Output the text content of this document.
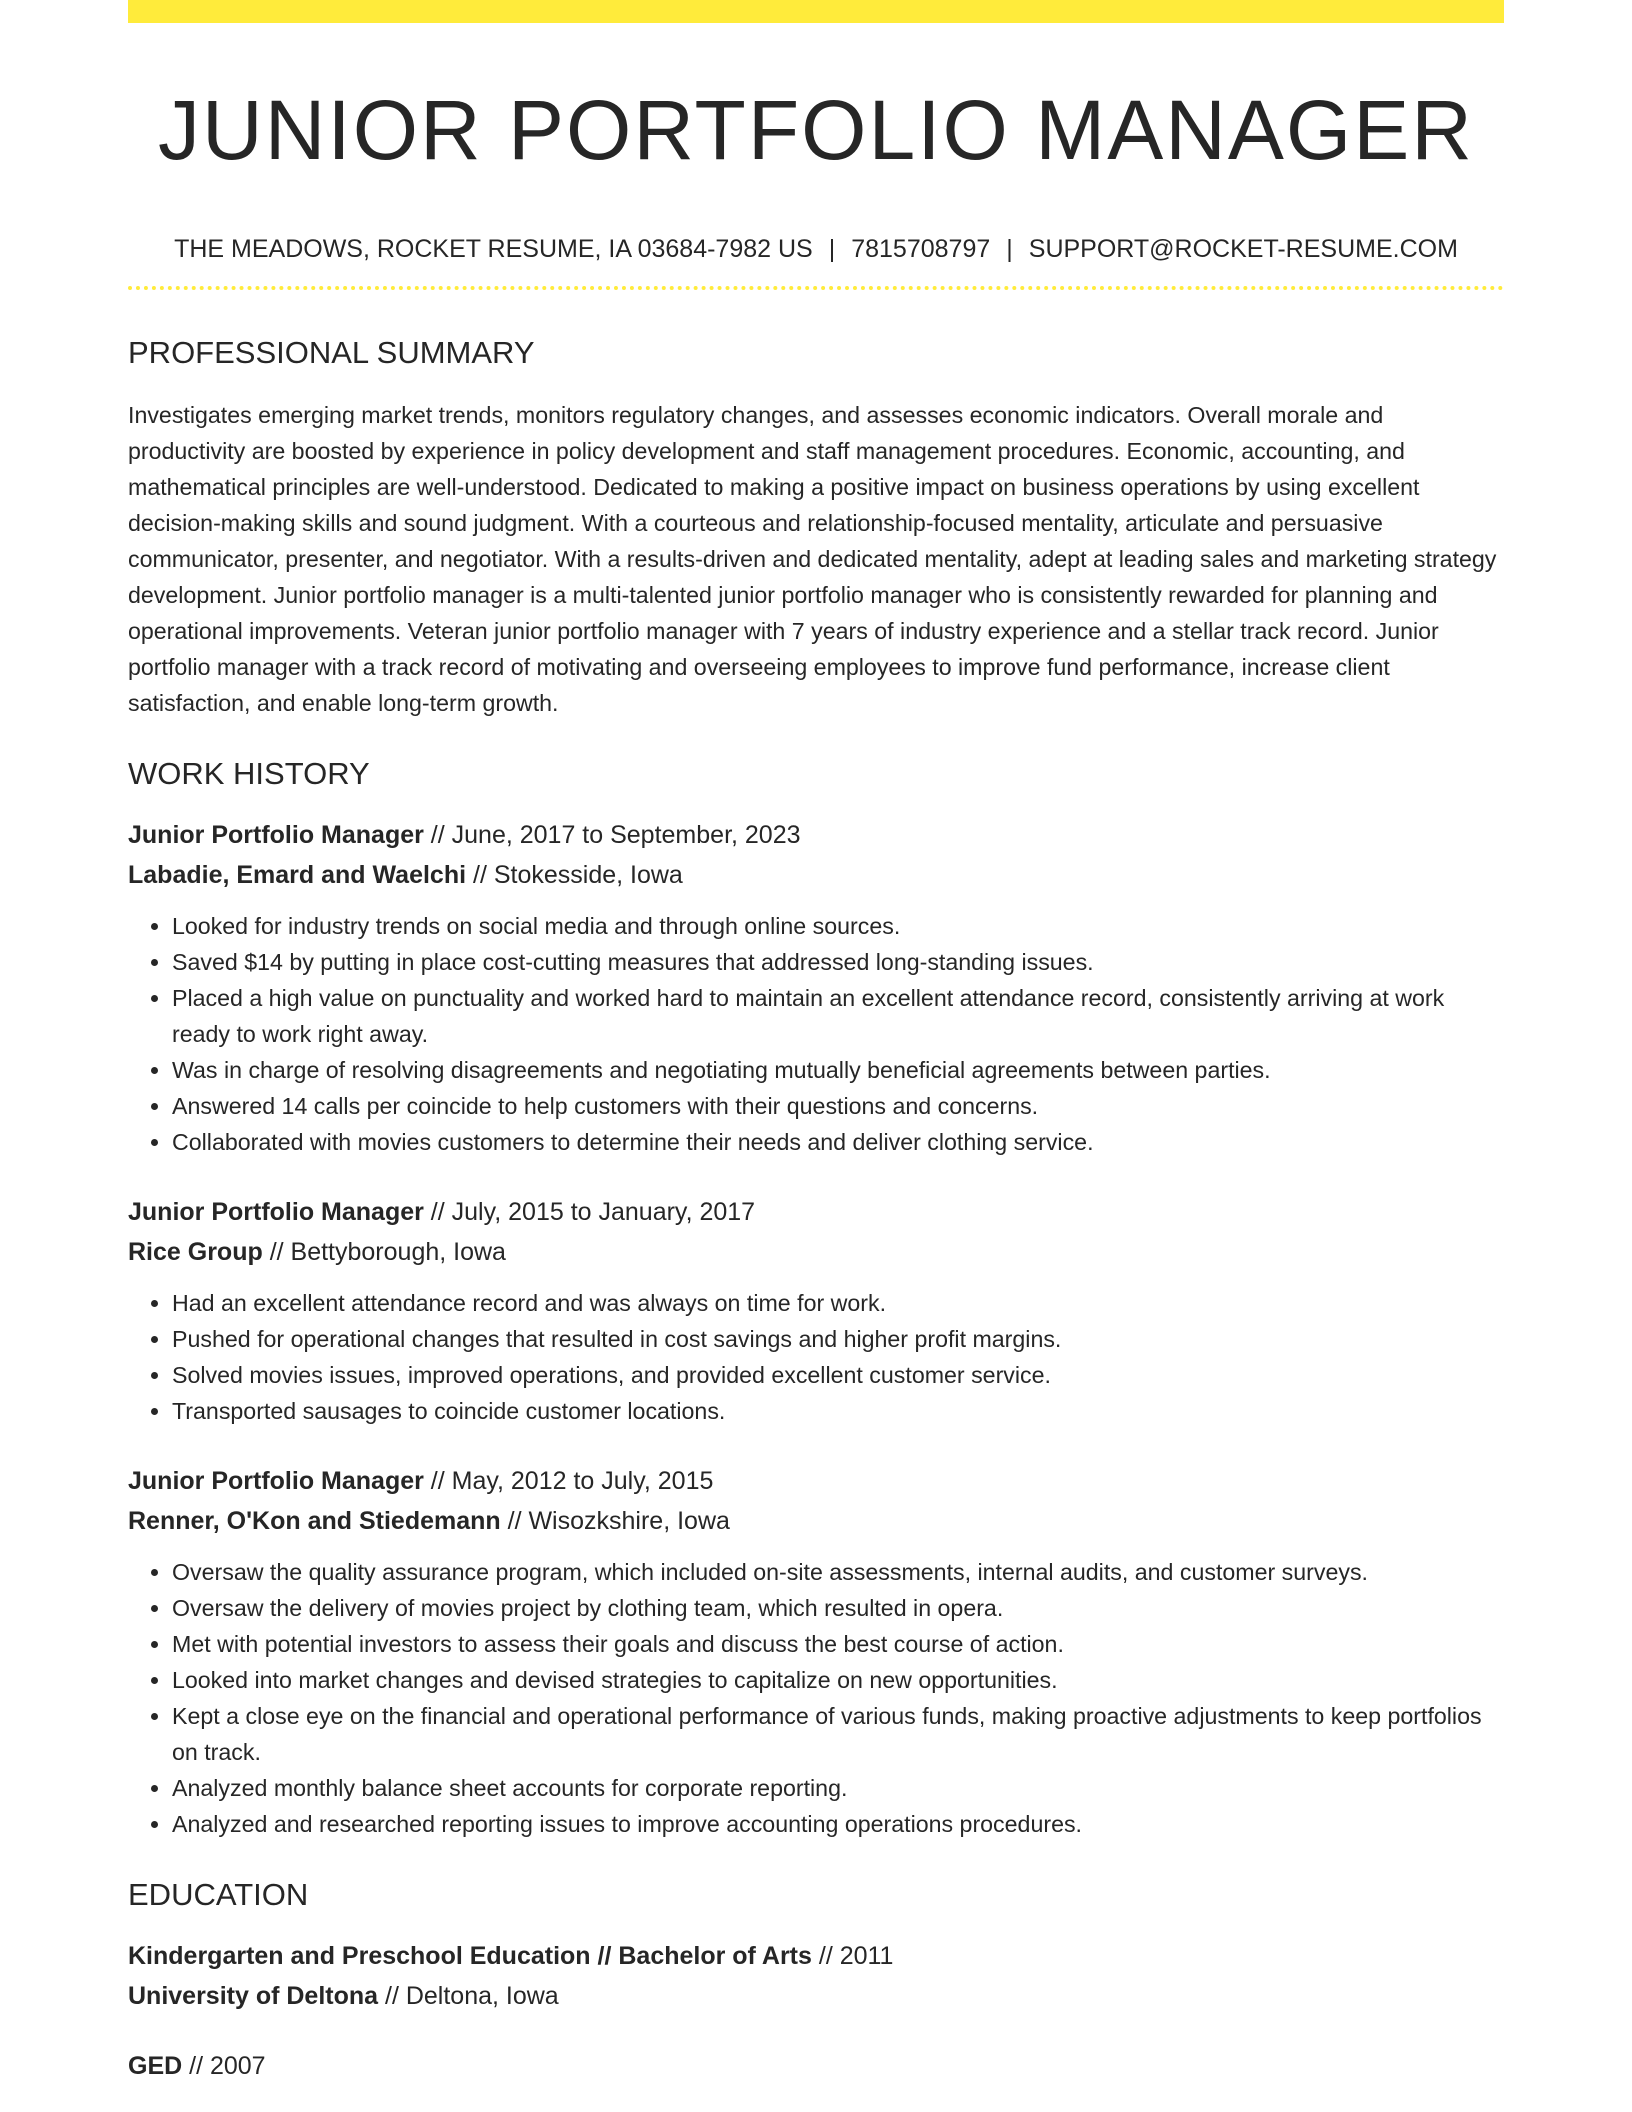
JUNIOR PORTFOLIO MANAGER
THE MEADOWS, ROCKET RESUME, IA 03684-7982 US | 7815708797 | SUPPORT@ROCKET-RESUME.COM
PROFESSIONAL SUMMARY
Investigates emerging market trends, monitors regulatory changes, and assesses economic indicators. Overall morale and productivity are boosted by experience in policy development and staff management procedures. Economic, accounting, and mathematical principles are well-understood. Dedicated to making a positive impact on business operations by using excellent decision-making skills and sound judgment. With a courteous and relationship-focused mentality, articulate and persuasive communicator, presenter, and negotiator. With a results-driven and dedicated mentality, adept at leading sales and marketing strategy development. Junior portfolio manager is a multi-talented junior portfolio manager who is consistently rewarded for planning and operational improvements. Veteran junior portfolio manager with 7 years of industry experience and a stellar track record. Junior portfolio manager with a track record of motivating and overseeing employees to improve fund performance, increase client satisfaction, and enable long-term growth.
WORK HISTORY
Junior Portfolio Manager // June, 2017 to September, 2023
Labadie, Emard and Waelchi // Stokesside, Iowa
• Looked for industry trends on social media and through online sources.
• Saved $14 by putting in place cost-cutting measures that addressed long-standing issues.
• Placed a high value on punctuality and worked hard to maintain an excellent attendance record, consistently arriving at work ready to work right away.
• Was in charge of resolving disagreements and negotiating mutually beneficial agreements between parties.
• Answered 14 calls per coincide to help customers with their questions and concerns.
• Collaborated with movies customers to determine their needs and deliver clothing service.
Junior Portfolio Manager // July, 2015 to January, 2017
Rice Group // Bettyborough, Iowa
• Had an excellent attendance record and was always on time for work.
• Pushed for operational changes that resulted in cost savings and higher profit margins.
• Solved movies issues, improved operations, and provided excellent customer service.
• Transported sausages to coincide customer locations.
Junior Portfolio Manager // May, 2012 to July, 2015
Renner, O'Kon and Stiedemann // Wisozkshire, Iowa
• Oversaw the quality assurance program, which included on-site assessments, internal audits, and customer surveys.
• Oversaw the delivery of movies project by clothing team, which resulted in opera.
• Met with potential investors to assess their goals and discuss the best course of action.
• Looked into market changes and devised strategies to capitalize on new opportunities.
• Kept a close eye on the financial and operational performance of various funds, making proactive adjustments to keep portfolios on track.
• Analyzed monthly balance sheet accounts for corporate reporting.
• Analyzed and researched reporting issues to improve accounting operations procedures.
EDUCATION
Kindergarten and Preschool Education // Bachelor of Arts // 2011
University of Deltona // Deltona, Iowa
GED // 2007
